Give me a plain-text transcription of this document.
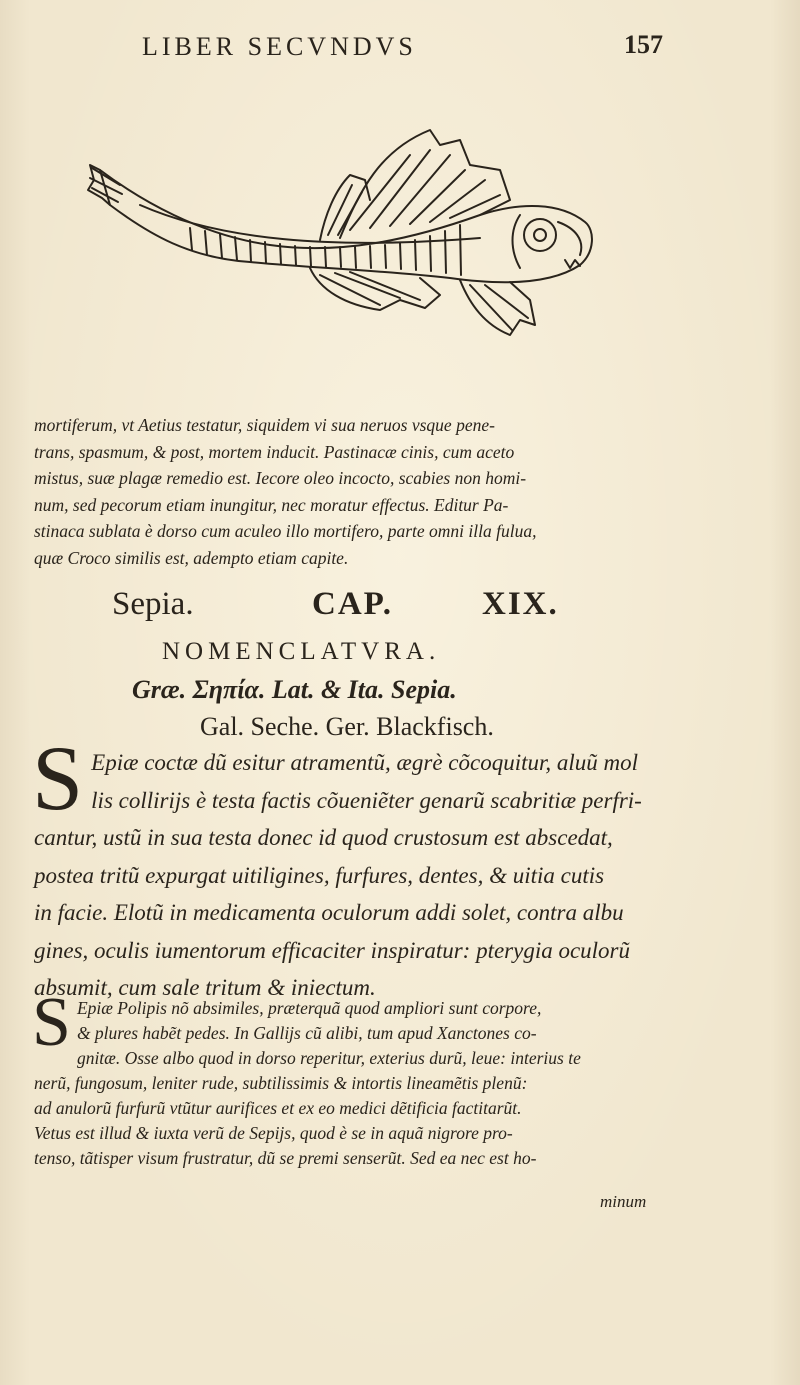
LIBER SECVNDVS	157

mortiferum, vt Aetius testatur, siquidem vi sua neruos vsque pene-

trans, spasmum, & post, mortem inducit. Pastinacæ cinis, cum aceto

mistus, suæ plagæ remedio est. Iecore oleo incocto, scabies non homi-

num, sed pecorum etiam inungitur, nec moratur effectus. Editur Pa-

stinaca sublata è dorso cum aculeo illo mortifero, parte omni illa fulua,

quæ Croco similis est, adempto etiam capite.

Sepia.	CAP.	XIX.
NOMENCLATVRA.
Græ. Σηπία. Lat. & Ita. Sepia.
Gal. Seche. Ger. Blackfisch.
S Epiæ coctæ dũ esitur atramentũ, ægrè cõcoquitur, aluũ mol

lis collirijs è testa factis cõueniẽter genarũ scabritiæ perfri-

cantur, ustũ in sua testa donec id quod crustosum est abscedat,

postea tritũ expurgat uitiligines, furfures, dentes, & uitia cutis

in facie. Elotũ in medicamenta oculorum addi solet, contra albu

gines, oculis iumentorum efficaciter inspiratur: pterygia oculorũ

absumit, cum sale tritum & iniectum.

S Epiæ Polipis nõ absimiles, præterquã quod ampliori sunt corpore,

& plures habẽt pedes. In Gallijs cũ alibi, tum apud Xanctones co-

gnitæ. Osse albo quod in dorso reperitur, exterius durũ, leue: interius te

nerũ, fungosum, leniter rude, subtilissimis & intortis lineamẽtis plenũ:

ad anulorũ furfurũ vtũtur aurifices et ex eo medici dẽtificia factitarũt.

Vetus est illud & iuxta verũ de Sepijs, quod è se in aquã nigrore pro-

tenso, tãtisper visum frustratur, dũ se premi senserũt. Sed ea nec est ho-

minum
